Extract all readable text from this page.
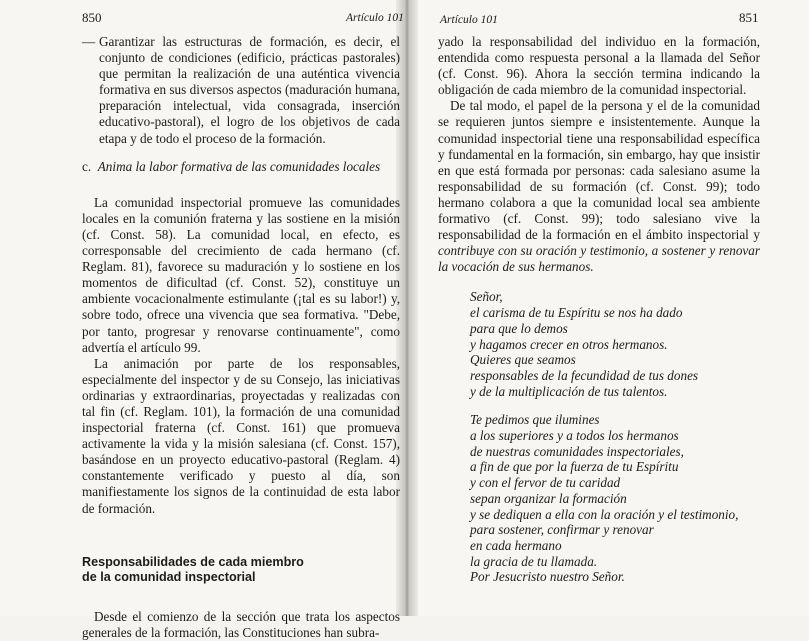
850	Artículo 101	Artículo 101	851

— Garantizar las estructuras de formación, es decir, el conjunto de condiciones (edificio, prácticas pastorales) que permitan la realización de una auténtica vivencia formativa en sus diversos aspectos (maduración humana, preparación intelectual, vida consagrada, inserción educativo-pastoral), el logro de los objetivos de cada etapa y de todo el proceso de la formación.

c. Anima la labor formativa de las comunidades locales

La comunidad inspectorial promueve las comunidades locales en la comunión fraterna y las sostiene en la misión (cf. Const. 58). La comunidad local, en efecto, es corresponsable del crecimiento de cada hermano (cf. Reglam. 81), favorece su maduración y lo sostiene en los momentos de dificultad (cf. Const. 52), constituye un ambiente vocacionalmente estimulante (¡tal es su labor!) y, sobre todo, ofrece una vivencia que sea formativa. "Debe, por tanto, progresar y renovarse continuamente", como advertía el artículo 99.

La animación por parte de los responsables, especialmente del inspector y de su Consejo, las iniciativas ordinarias y extraordinarias, proyectadas y realizadas con tal fin (cf. Reglam. 101), la formación de una comunidad inspectorial fraterna (cf. Const. 161) que promueva activamente la vida y la misión salesiana (cf. Const. 157), basándose en un proyecto educativo-pastoral (Reglam. 4) constantemente verificado y puesto al día, son manifiestamente los signos de la continuidad de esta labor de formación.

Responsabilidades de cada miembro
de la comunidad inspectorial

Desde el comienzo de la sección que trata los aspectos generales de la formación, las Constituciones han subra-

yado la responsabilidad del individuo en la formación, entendida como respuesta personal a la llamada del Señor (cf. Const. 96). Ahora la sección termina indicando la obligación de cada miembro de la comunidad inspectorial.

De tal modo, el papel de la persona y el de la comunidad se requieren juntos siempre e insistentemente. Aunque la comunidad inspectorial tiene una responsabilidad específica y fundamental en la formación, sin embargo, hay que insistir en que está formada por personas: cada salesiano asume la responsabilidad de su formación (cf. Const. 99); todo hermano colabora a que la comunidad local sea ambiente formativo (cf. Const. 99); todo salesiano vive la responsabilidad de la formación en el ámbito inspectorial y contribuye con su oración y testimonio, a sostener y renovar la vocación de sus hermanos.

Señor,
el carisma de tu Espíritu se nos ha dado
para que lo demos
y hagamos crecer en otros hermanos.
Quieres que seamos
responsables de la fecundidad de tus dones
y de la multiplicación de tus talentos.
Te pedimos que ilumines
a los superiores y a todos los hermanos
de nuestras comunidades inspectoriales,
a fin de que por la fuerza de tu Espíritu
y con el fervor de tu caridad
sepan organizar la formación
y se dediquen a ella con la oración y el testimonio,
para sostener, confirmar y renovar
en cada hermano
la gracia de tu llamada.
Por Jesucristo nuestro Señor.
